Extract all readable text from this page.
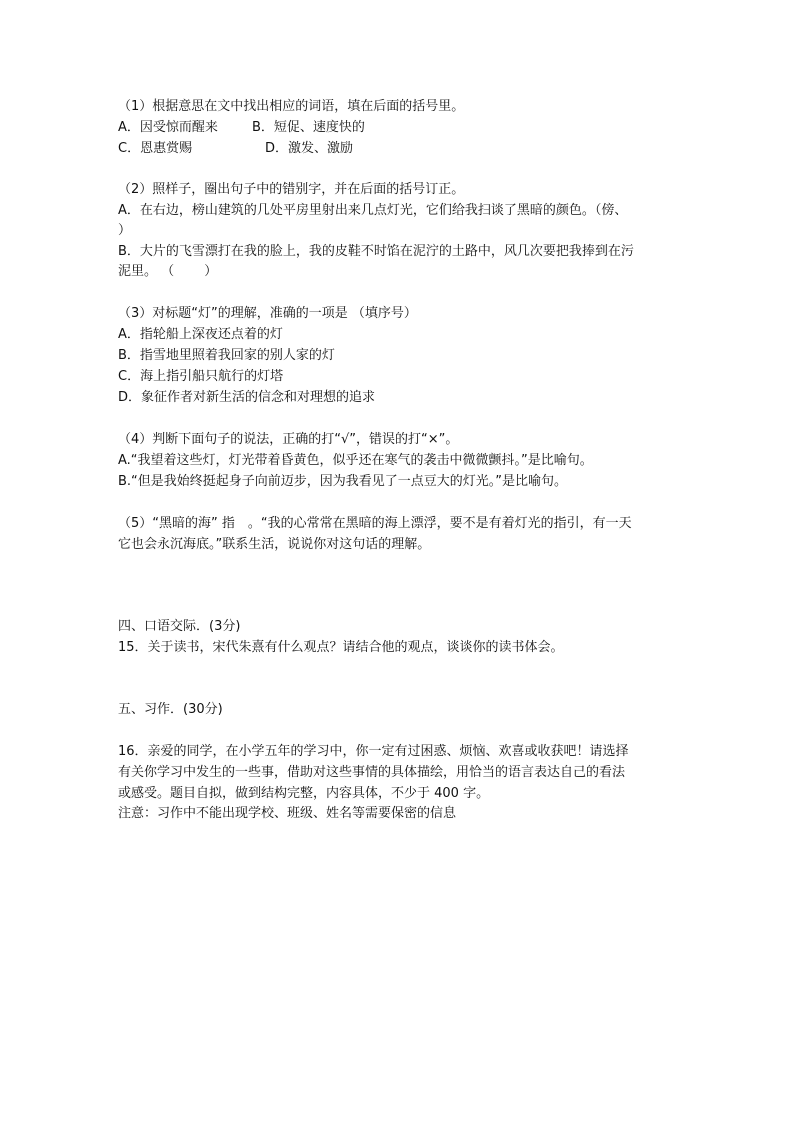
（1）根据意思在文中找出相应的词语，填在后面的括号里。
A．因受惊而醒来	B．短促、速度快的
C．恩惠赏赐	D．激发、激励
（2）照样子，圈出句子中的错别字，并在后面的括号订正。
A．在右边，榜山建筑的几处平房里射出来几点灯光，它们给我扫谈了黑暗的颜色。（傍、
）
B．大片的飞雪漂打在我的脸上，我的皮鞋不时馅在泥泞的土路中，风几次要把我捧到在污
泥里。 （　　 ）
（3）对标题“灯”的理解，准确的一项是 （填序号）
A．指轮船上深夜还点着的灯
B．指雪地里照着我回家的别人家的灯
C．海上指引船只航行的灯塔
D．象征作者对新生活的信念和对理想的追求
（4）判断下面句子的说法，正确的打“√”，错误的打“×”。
A.“我望着这些灯，灯光带着昏黄色，似乎还在寒气的袭击中微微颤抖。”是比喻句。
B.“但是我始终挺起身子向前迈步，因为我看见了一点豆大的灯光。”是比喻句。
（5）“黑暗的海” 指　。“我的心常常在黑暗的海上漂浮，要不是有着灯光的指引，有一天
它也会永沉海底。”联系生活，说说你对这句话的理解。
四、口语交际．(3分)
15．关于读书，宋代朱熹有什么观点？请结合他的观点，谈谈你的读书体会。
五、习作．(30分)
16．亲爱的同学，在小学五年的学习中，你一定有过困惑、烦恼、欢喜或收获吧！请选择
有关你学习中发生的一些事，借助对这些事情的具体描绘，用恰当的语言表达自己的看法
或感受。题目自拟，做到结构完整，内容具体，不少于 400 字。
注意：习作中不能出现学校、班级、姓名等需要保密的信息
